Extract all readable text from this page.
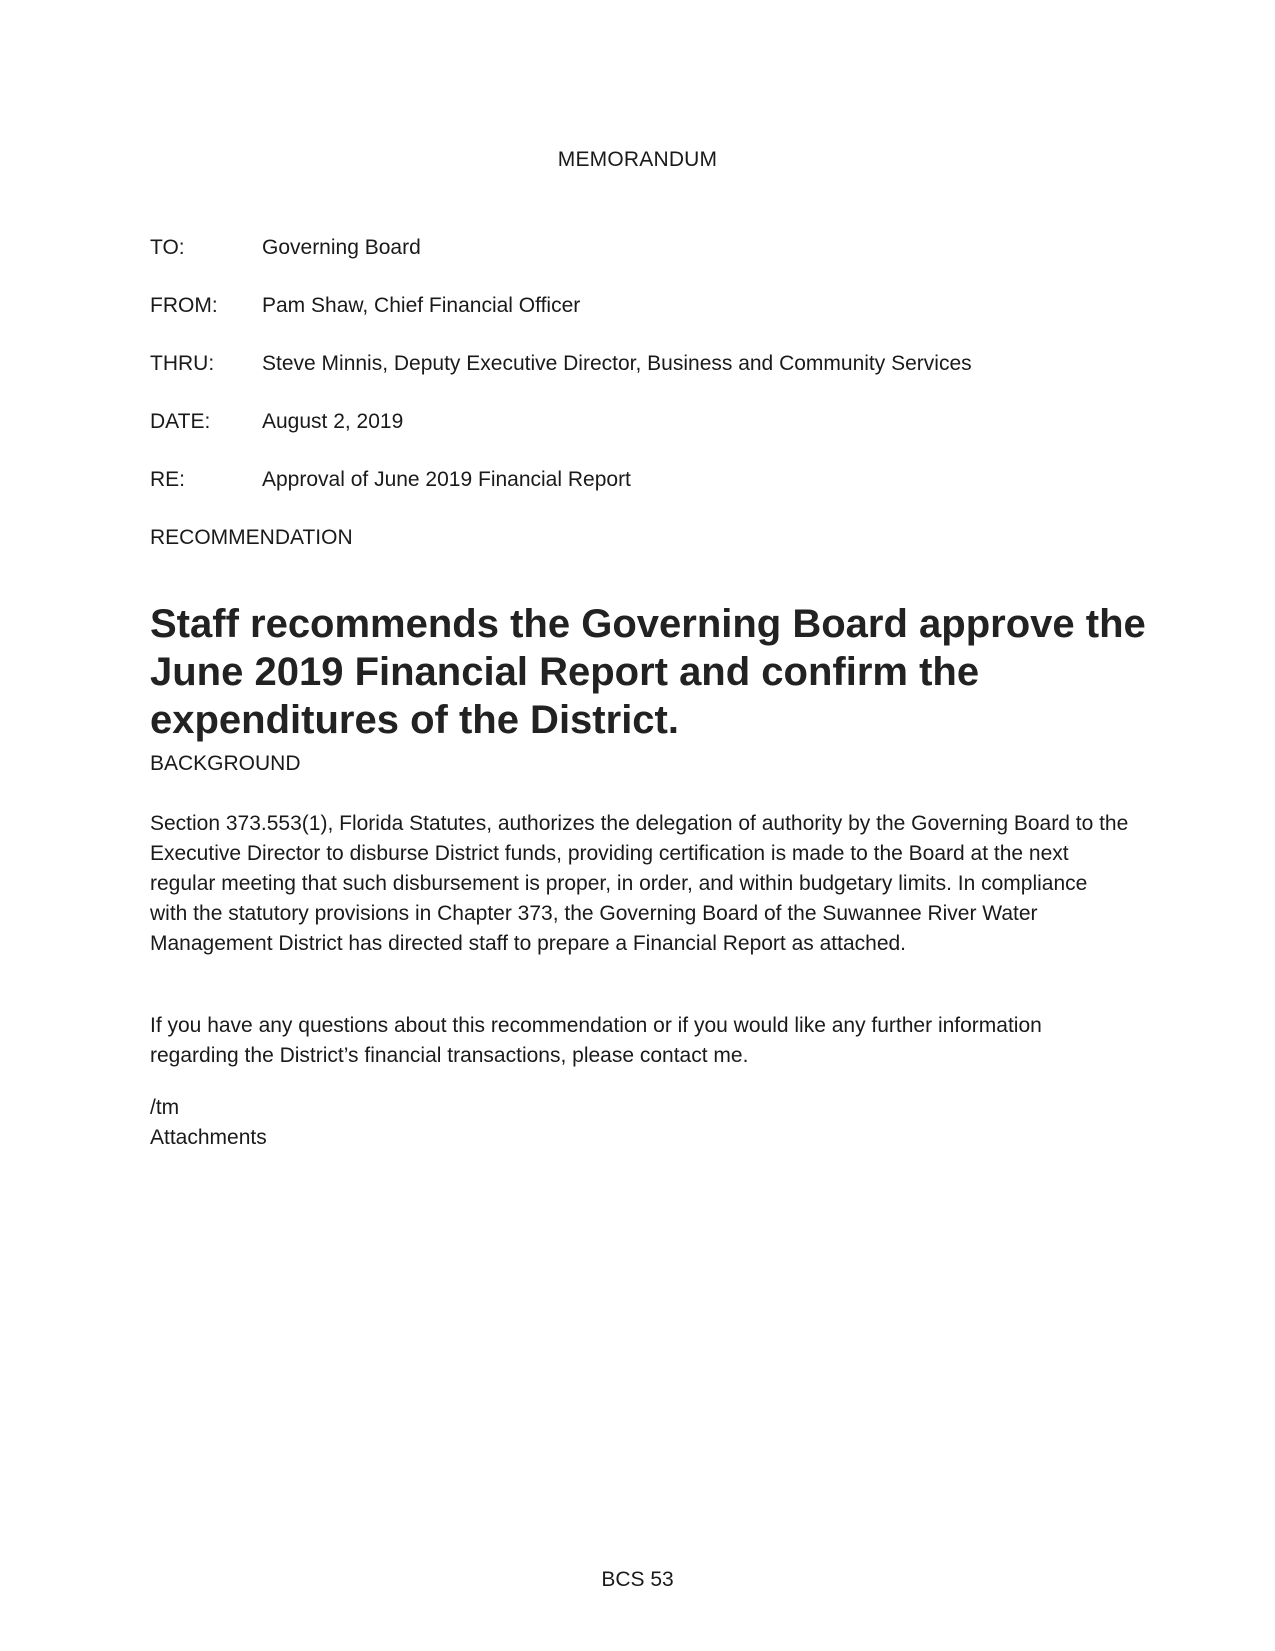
MEMORANDUM
TO:	Governing Board
FROM: Pam Shaw, Chief Financial Officer
THRU: Steve Minnis, Deputy Executive Director, Business and Community Services
DATE: August 2, 2019
RE:	Approval of June 2019 Financial Report
RECOMMENDATION
Staff recommends the Governing Board approve the June 2019 Financial Report and confirm the expenditures of the District.
BACKGROUND
Section 373.553(1), Florida Statutes, authorizes the delegation of authority by the Governing Board to the Executive Director to disburse District funds, providing certification is made to the Board at the next regular meeting that such disbursement is proper, in order, and within budgetary limits. In compliance with the statutory provisions in Chapter 373, the Governing Board of the Suwannee River Water Management District has directed staff to prepare a Financial Report as attached.
If you have any questions about this recommendation or if you would like any further information regarding the District’s financial transactions, please contact me.
/tm
Attachments
BCS 53
